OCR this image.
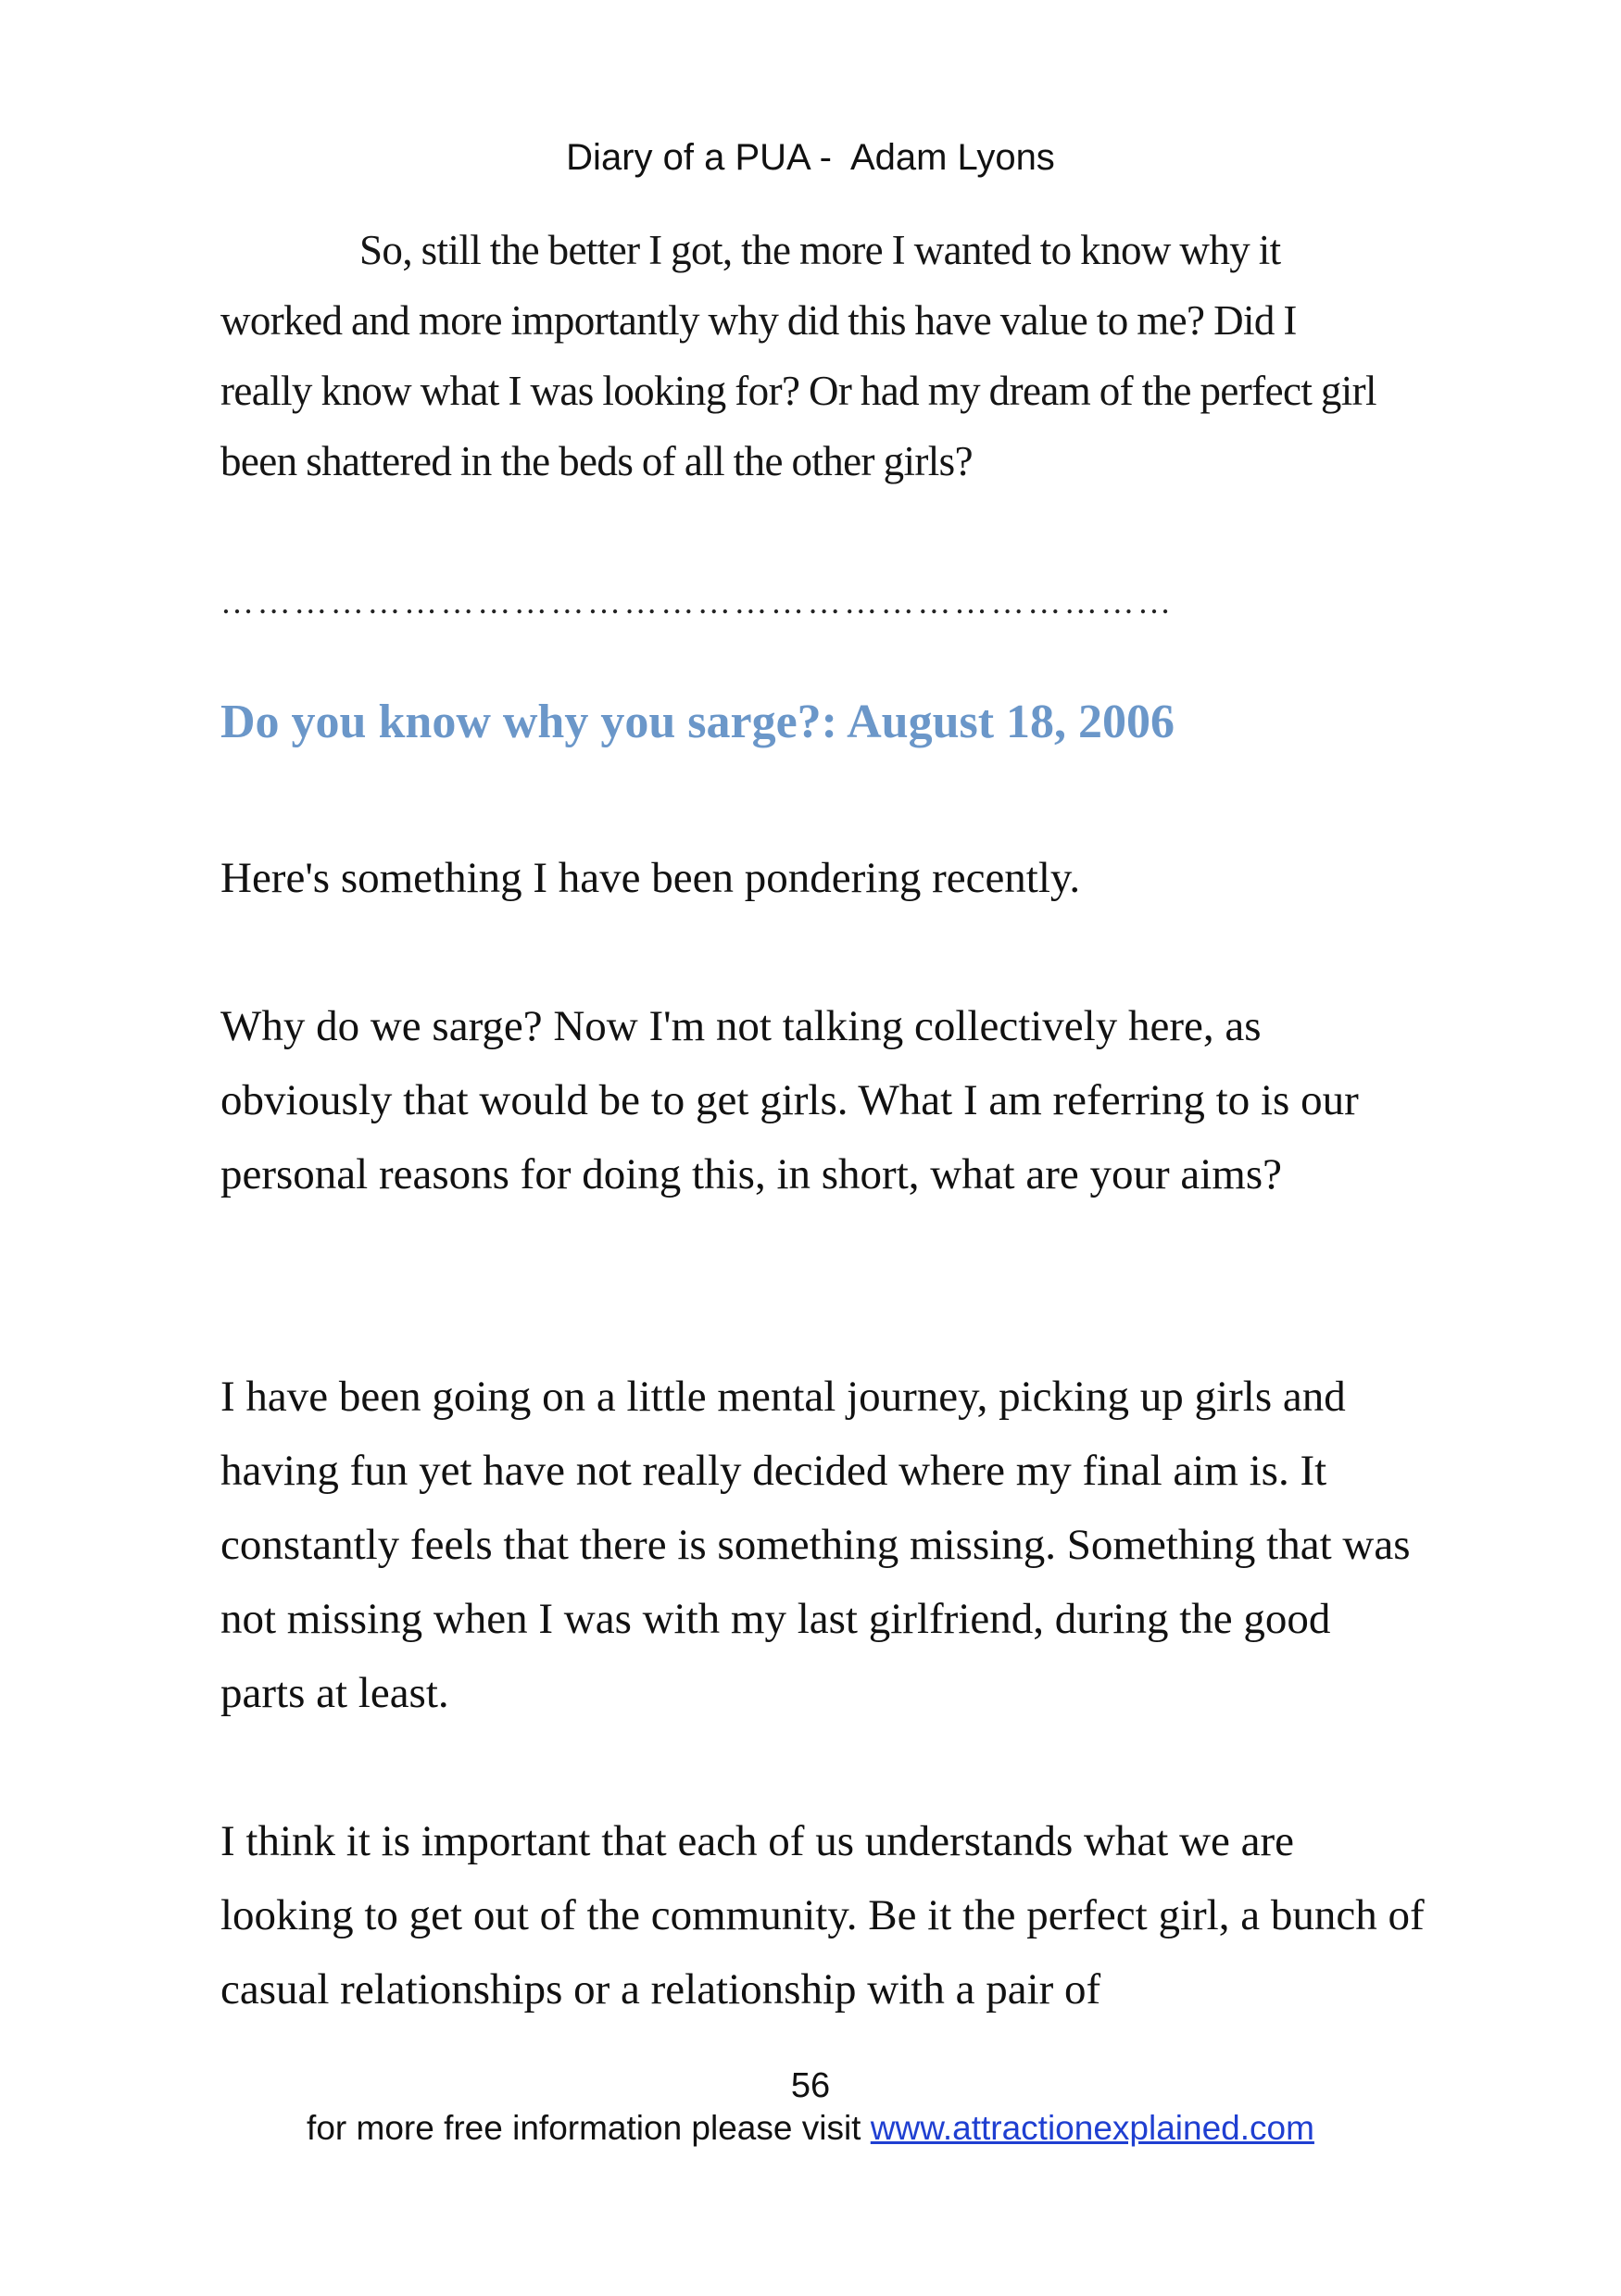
Diary of a PUA -  Adam Lyons

So, still the better I got, the more I wanted to know why it worked and more importantly why did this have value to me? Did I really know what I was looking for? Or had my dream of the perfect girl been shattered in the beds of all the other girls?

……………………………………………………………………
Do you know why you sarge?: August 18, 2006

Here's something I have been pondering recently.

Why do we sarge? Now I'm not talking collectively here, as obviously that would be to get girls. What I am referring to is our personal reasons for doing this, in short, what are your aims?

I have been going on a little mental journey, picking up girls and having fun yet have not really decided where my final aim is. It constantly feels that there is something missing. Something that was not missing when I was with my last girlfriend, during the good parts at least.

I think it is important that each of us understands what we are looking to get out of the community. Be it the perfect girl, a bunch of casual relationships or a relationship with a pair of

56
for more free information please visit www.attractionexplained.com
